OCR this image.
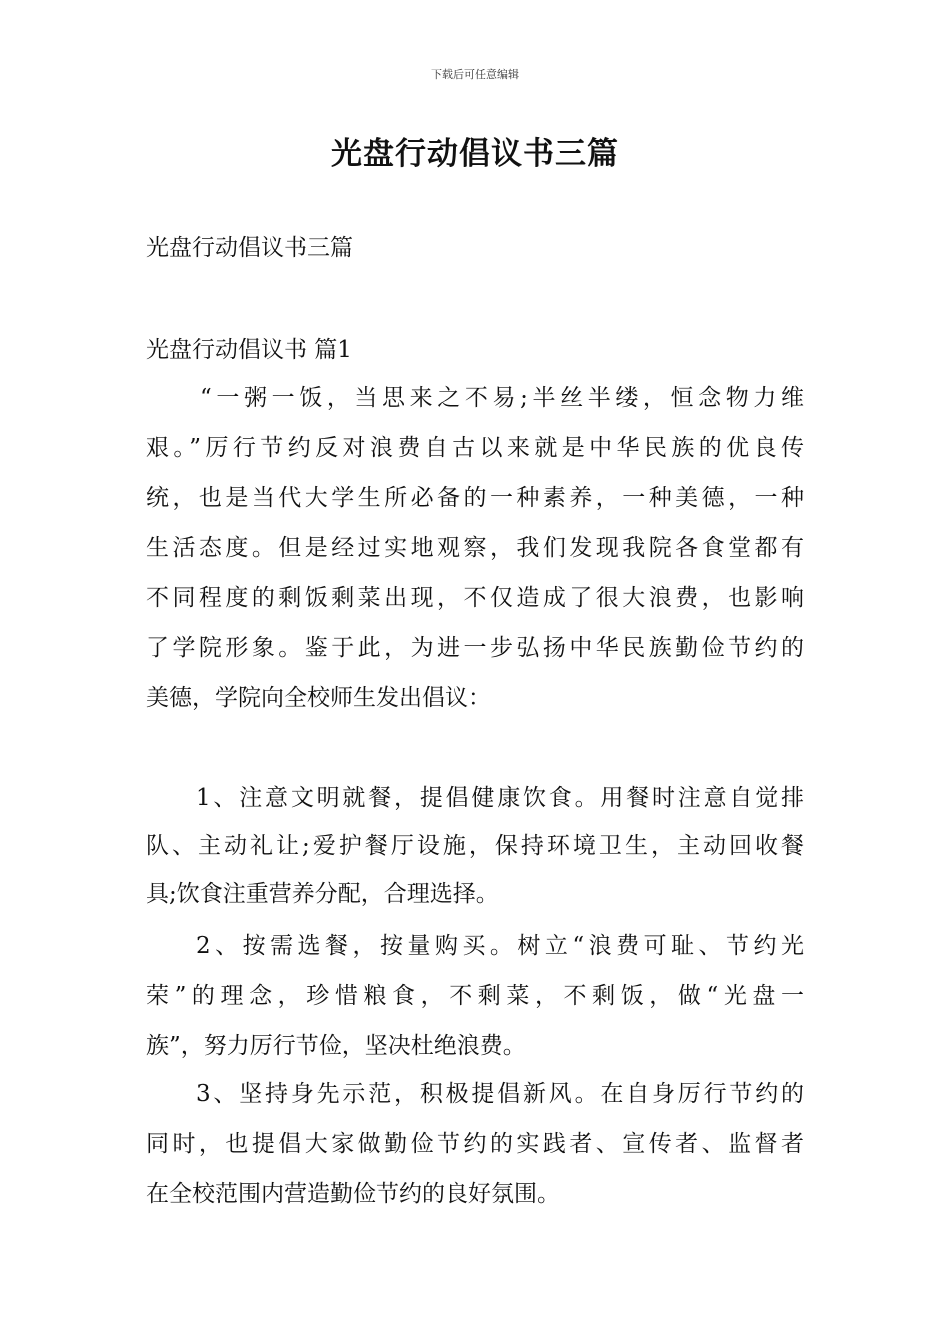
下载后可任意编辑
光盘行动倡议书三篇
光盘行动倡议书三篇
光盘行动倡议书 篇1
“一粥一饭，当思来之不易;半丝半缕，恒念物力维
艰。”厉行节约反对浪费自古以来就是中华民族的优良传
统，也是当代大学生所必备的一种素养，一种美德，一种
生活态度。但是经过实地观察，我们发现我院各食堂都有
不同程度的剩饭剩菜出现，不仅造成了很大浪费，也影响
了学院形象。鉴于此，为进一步弘扬中华民族勤俭节约的
美德，学院向全校师生发出倡议：
1、注意文明就餐，提倡健康饮食。用餐时注意自觉排
队、主动礼让;爱护餐厅设施，保持环境卫生，主动回收餐
具;饮食注重营养分配，合理选择。
2、按需选餐，按量购买。树立“浪费可耻、节约光
荣”的理念，珍惜粮食，不剩菜，不剩饭，做“光盘一
族”，努力厉行节俭，坚决杜绝浪费。
3、坚持身先示范，积极提倡新风。在自身厉行节约的
同时，也提倡大家做勤俭节约的实践者、宣传者、监督者
在全校范围内营造勤俭节约的良好氛围。
